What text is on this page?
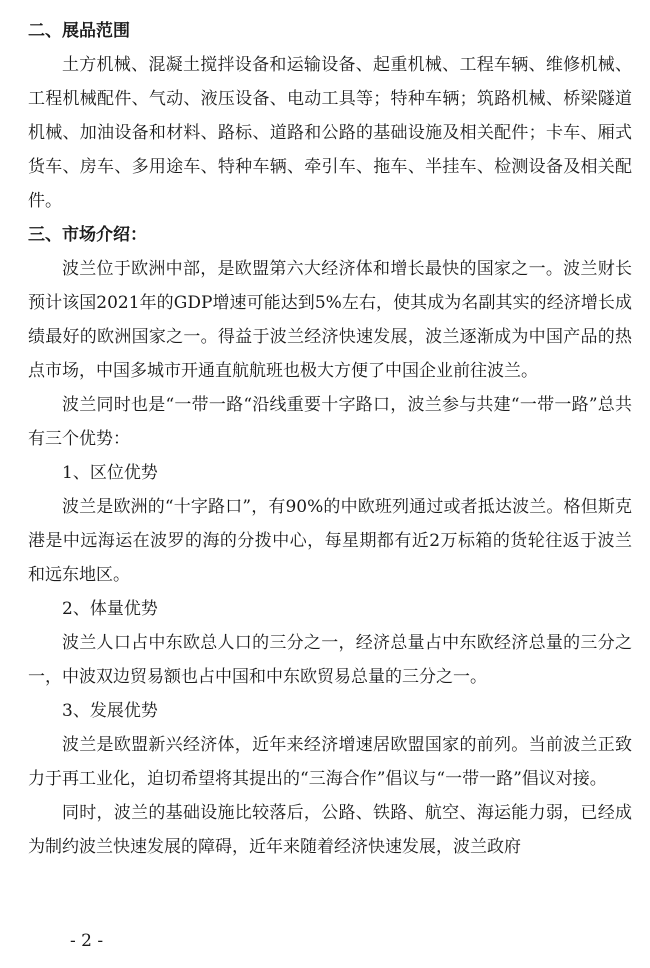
二、展品范围

土方机械、混凝土搅拌设备和运输设备、起重机械、工程车辆、维修机械、工程机械配件、气动、液压设备、电动工具等；特种车辆；筑路机械、桥梁隧道机械、加油设备和材料、路标、道路和公路的基础设施及相关配件；卡车、厢式货车、房车、多用途车、特种车辆、牵引车、拖车、半挂车、检测设备及相关配件。

三、市场介绍：

波兰位于欧洲中部，是欧盟第六大经济体和增长最快的国家之一。波兰财长预计该国2021年的GDP增速可能达到5%左右，使其成为名副其实的经济增长成绩最好的欧洲国家之一。得益于波兰经济快速发展，波兰逐渐成为中国产品的热点市场，中国多城市开通直航航班也极大方便了中国企业前往波兰。

波兰同时也是“一带一路“沿线重要十字路口，波兰参与共建“一带一路”总共有三个优势：

1、区位优势

波兰是欧洲的“十字路口”，有90%的中欧班列通过或者抵达波兰。格但斯克港是中远海运在波罗的海的分拨中心，每星期都有近2万标箱的货轮往返于波兰和远东地区。

2、体量优势

波兰人口占中东欧总人口的三分之一，经济总量占中东欧经济总量的三分之一，中波双边贸易额也占中国和中东欧贸易总量的三分之一。

3、发展优势

波兰是欧盟新兴经济体，近年来经济增速居欧盟国家的前列。当前波兰正致力于再工业化，迫切希望将其提出的“三海合作”倡议与“一带一路”倡议对接。

同时，波兰的基础设施比较落后，公路、铁路、航空、海运能力弱，已经成为制约波兰快速发展的障碍，近年来随着经济快速发展，波兰政府

- 2 -
